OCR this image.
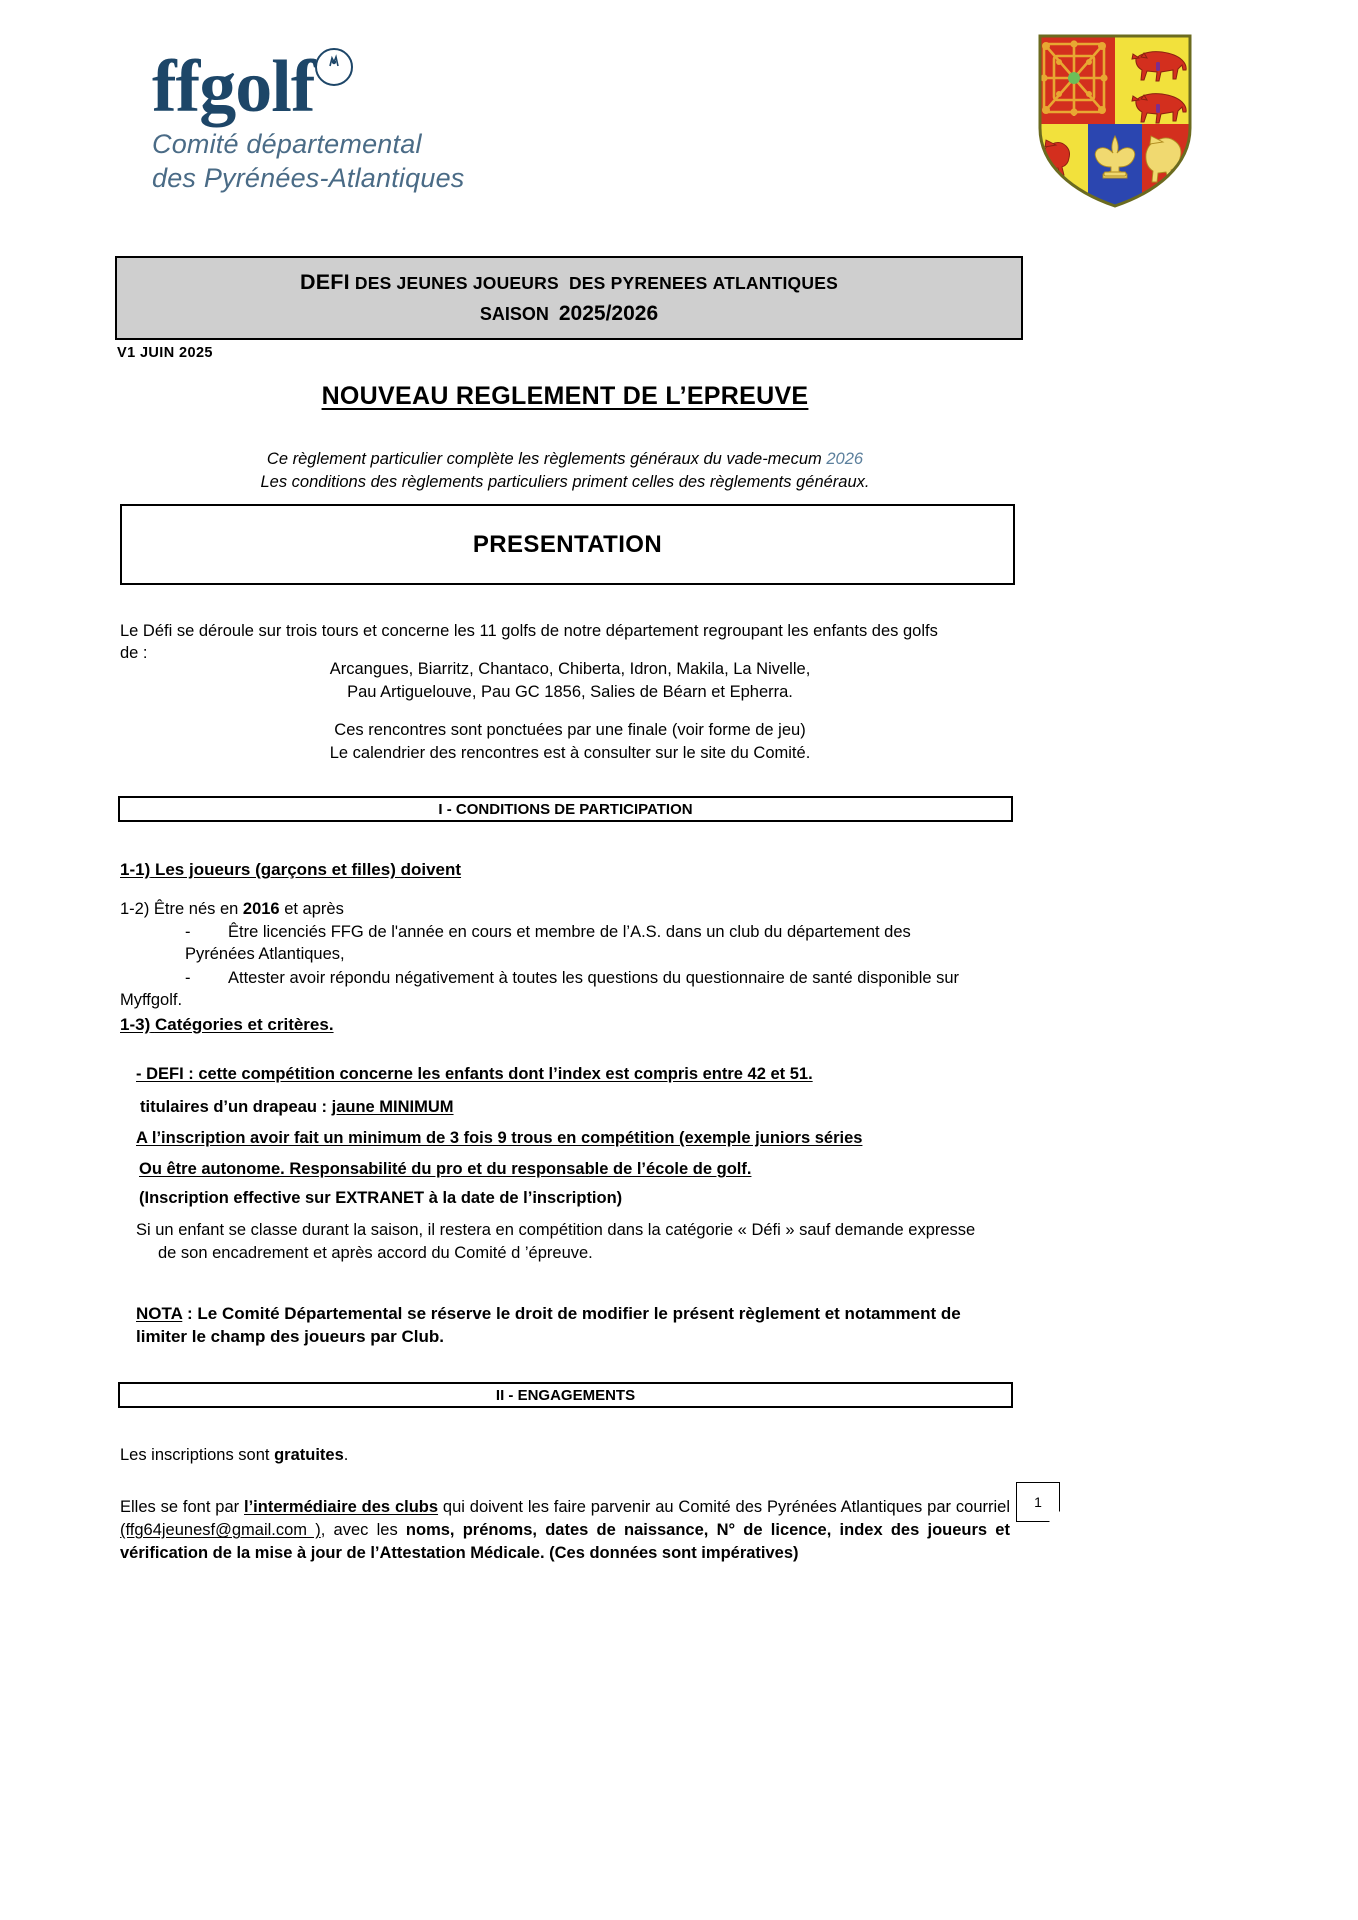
ffgolf
Comité départemental
des Pyrénées-Atlantiques
DEFI DES JEUNES JOUEURS DES PYRENEES ATLANTIQUES
SAISON 2025/2026
V1 JUIN 2025
NOUVEAU REGLEMENT DE L’EPREUVE
Ce règlement particulier complète les règlements généraux du vade-mecum 2026
Les conditions des règlements particuliers priment celles des règlements généraux.
PRESENTATION
Le Défi se déroule sur trois tours et concerne les 11 golfs de notre département regroupant les enfants des golfs
de :
Arcangues, Biarritz, Chantaco, Chiberta, Idron, Makila, La Nivelle,
Pau Artiguelouve, Pau GC 1856, Salies de Béarn et Epherra.
Ces rencontres sont ponctuées par une finale (voir forme de jeu)
Le calendrier des rencontres est à consulter sur le site du Comité.
I - CONDITIONS DE PARTICIPATION
1-1) Les joueurs (garçons et filles) doivent
1-2) Être nés en 2016 et après
-	Être licenciés FFG de l'année en cours et membre de l’A.S. dans un club du département des
Pyrénées Atlantiques,
-	Attester avoir répondu négativement à toutes les questions du questionnaire de santé disponible sur
Myffgolf.
1-3) Catégories et critères.
- DEFI : cette compétition concerne les enfants dont l’index est compris entre 42 et 51.
titulaires d’un drapeau : jaune MINIMUM
A l’inscription avoir fait un minimum de 3 fois 9 trous en compétition (exemple juniors séries
Ou être autonome. Responsabilité du pro et du responsable de l’école de golf.
(Inscription effective sur EXTRANET à la date de l’inscription)
Si un enfant se classe durant la saison, il restera en compétition dans la catégorie « Défi » sauf demande expresse
de son encadrement et après accord du Comité d ’épreuve.
NOTA : Le Comité Départemental se réserve le droit de modifier le présent règlement et notamment de
limiter le champ des joueurs par Club.
II - ENGAGEMENTS
Les inscriptions sont gratuites.
Elles se font par l’intermédiaire des clubs qui doivent les faire parvenir au Comité des Pyrénées Atlantiques par courriel (ffg64jeunesf@gmail.com ), avec les noms, prénoms, dates de naissance, N° de licence, index des joueurs et vérification de la mise à jour de l’Attestation Médicale. (Ces données sont impératives)
1
